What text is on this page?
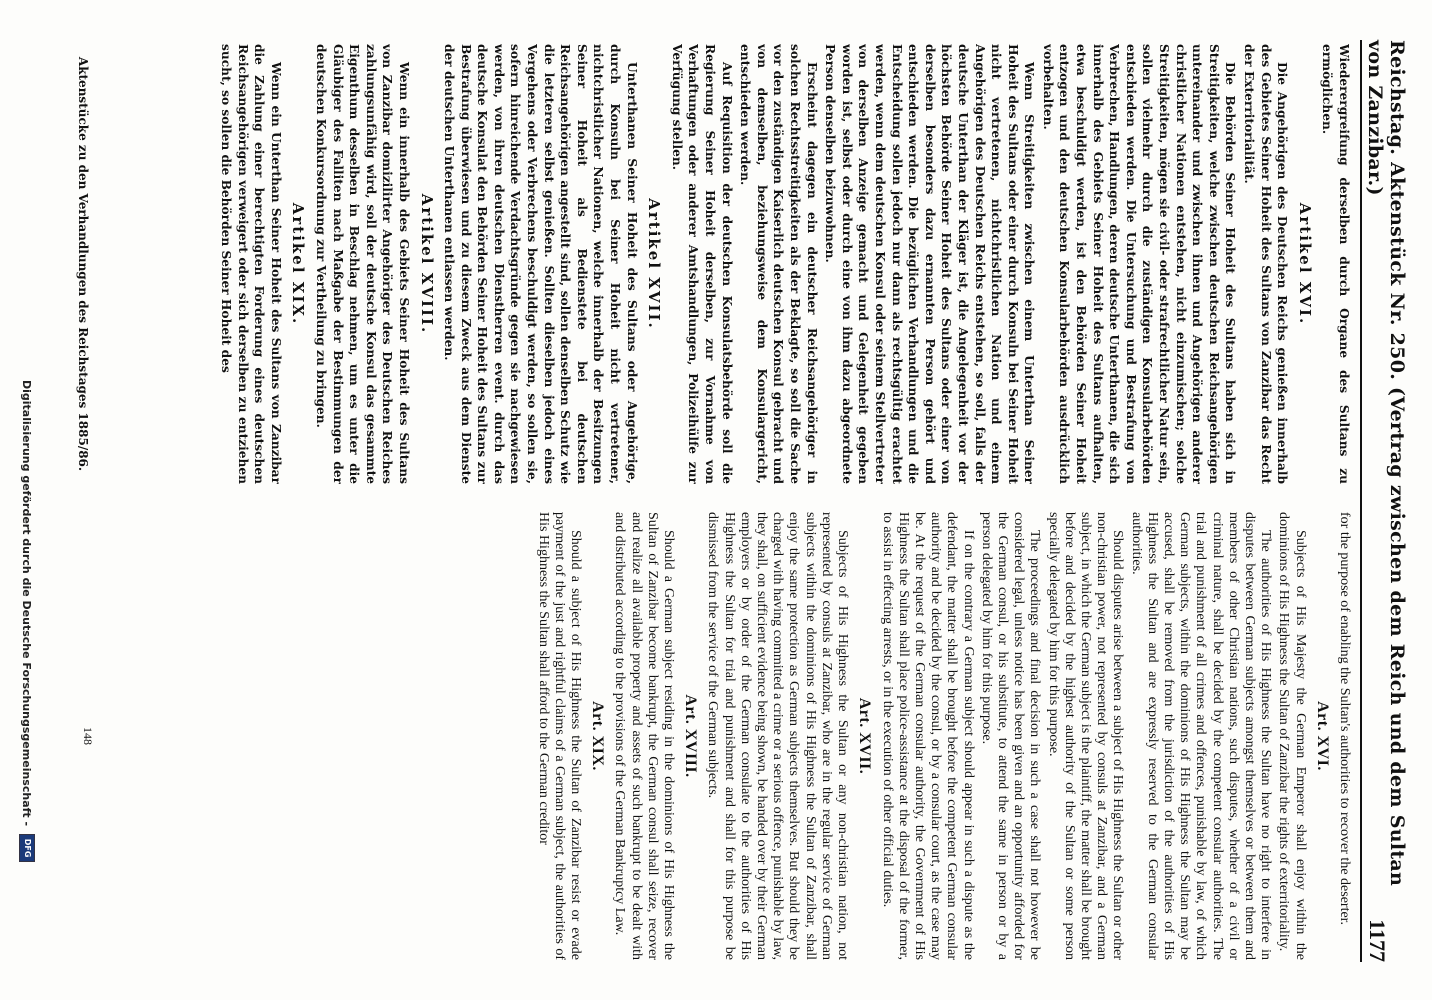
Reichstag. Aktenstück Nr. 250. (Vertrag zwischen dem Reich und dem Sultan von Zanzibar.)
1177

Wiederergreifung derselben durch Organe des Sultans zu ermöglichen.

Artikel XVI.

Die Angehörigen des Deutschen Reichs genießen innerhalb des Gebietes Seiner Hoheit des Sultans von Zanzibar das Recht der Exterritorialität.

Die Behörden Seiner Hoheit des Sultans haben sich in Streitigkeiten, welche zwischen deutschen Reichsangehörigen untereinander und zwischen ihnen und Angehörigen anderer christlicher Nationen entstehen, nicht einzumischen; solche Streitigkeiten, mögen sie civil- oder strafrechtlicher Natur sein, sollen vielmehr durch die zuständigen Konsularbehörden entschieden werden. Die Untersuchung und Bestrafung von Verbrechen, Handlungen, deren deutsche Unterthanen, die sich innerhalb des Gebiets Seiner Hoheit des Sultans aufhalten, etwa beschuldigt werden, ist den Behörden Seiner Hoheit entzogen und den deutschen Konsularbehörden ausdrücklich vorbehalten.

Wenn Streitigkeiten zwischen einem Unterthan Seiner Hoheit des Sultans oder einer durch Konsuln bei Seiner Hoheit nicht vertretenen, nichtchristlichen Nation und einem Angehörigen des Deutschen Reichs entstehen, so soll, falls der deutsche Unterthan der Kläger ist, die Angelegenheit vor der höchsten Behörde Seiner Hoheit des Sultans oder einer von derselben besonders dazu ernannten Person gehört und entschieden werden. Die bezüglichen Verhandlungen und die Entscheidung sollen jedoch nur dann als rechtsgültig erachtet werden, wenn dem deutschen Konsul oder seinem Stellvertreter von derselben Anzeige gemacht und Gelegenheit gegeben worden ist, selbst oder durch eine von ihm dazu abgeordnete Person denselben beizuwohnen.

Erscheint dagegen ein deutscher Reichsangehöriger in solchen Rechtsstreitigkeiten als der Beklagte, so soll die Sache vor den zuständigen Kaiserlich deutschen Konsul gebracht und von demselben, beziehungsweise dem Konsulargericht, entschieden werden.

Auf Requisition der deutschen Konsulatsbehörde soll die Regierung Seiner Hoheit derselben, zur Vornahme von Verhaftungen oder anderer Amtshandlungen, Polizeihülfe zur Verfügung stellen.

Artikel XVII.

Unterthanen Seiner Hoheit des Sultans oder Angehörige, durch Konsuln bei Seiner Hoheit nicht vertretener, nichtchristlicher Nationen, welche innerhalb der Besitzungen Seiner Hoheit als Bedienstete bei deutschen Reichsangehörigen angestellt sind, sollen denselben Schutz wie die letzteren selbst genießen. Sollten dieselben jedoch eines Vergehens oder Verbrechens beschuldigt werden, so sollen sie, sofern hinreichende Verdachtsgründe gegen sie nachgewiesen werden, von ihren deutschen Dienstherren event. durch das deutsche Konsulat den Behörden Seiner Hoheit des Sultans zur Bestrafung überwiesen und zu diesem Zweck aus dem Dienste der deutschen Unterthanen entlassen werden.

Artikel XVIII.

Wenn ein innerhalb des Gebiets Seiner Hoheit des Sultans von Zanzibar domizilirter Angehöriger des Deutschen Reiches zahlungsunfähig wird, soll der deutsche Konsul das gesammte Eigenthum desselben in Beschlag nehmen, um es unter die Gläubiger des Falliten nach Maßgabe der Bestimmungen der deutschen Konkursordnung zur Vertheilung zu bringen.

Artikel XIX.

Wenn ein Unterthan Seiner Hoheit des Sultans von Zanzibar die Zahlung einer berechtigten Forderung eines deutschen Reichsangehörigen verweigert oder sich derselben zu entziehen sucht, so sollen die Behörden Seiner Hoheit des

Aktenstücke zu den Verhandlungen des Reichstages 1885/86.

for the purpose of enabling the Sultan's authorities to recover the deserter.

Art. XVI.

Subjects of His Majesty the German Emperor shall enjoy within the dominions of His Highness the Sultan of Zanzibar the rights of exterritoriality.

The authorities of His Highness the Sultan have no right to interfere in disputes between German subjects amongst themselves or between them and members of other Christian nations, such disputes, whether of a civil or criminal nature, shall be decided by the competent consular authorities. The trial and punishment of all crimes and offences, punishable by law, of which German subjects, within the dominions of His Highness the Sultan may be accused, shall be removed from the jurisdiction of the authorities of His Highness the Sultan and are expressly reserved to the German consular authorities.

Should disputes arise between a subject of His Highness the Sultan or other non-christian power, not represented by consuls at Zanzibar, and a German subject, in which the German subject is the plaintiff, the matter shall be brought before and decided by the highest authority of the Sultan or some person specially delegated by him for this purpose.

The proceedings and final decision in such a case shall not however be considered legal, unless notice has been given and an opportunity afforded for the German consul, or his substitute, to attend the same in person or by a person delegated by him for this purpose.

If on the contrary a German subject should appear in such a dispute as the defendant, the matter shall be brought before the competent German consular authority and be decided by the consul, or by a consular court, as the case may be. At the request of the German consular authority, the Government of His Highness the Sultan shall place police-assistance at the disposal of the former, to assist in effecting arrests, or in the execution of other official duties.

Art. XVII.

Subjects of His Highness the Sultan or any non-christian nation, not represented by consuls at Zanzibar, who are in the regular service of German subjects within the dominions of His Highness the Sultan of Zanzibar, shall enjoy the same protection as German subjects themselves. But should they be charged with having committed a crime or a serious offence, punishable by law, they shall, on sufficient evidence being shown, be handed over by their German employers or by order of the German consulate to the authorities of His Highness the Sultan for trial and punishment and shall for this purpose be dismissed from the service of the German subjects.

Art. XVIII.

Should a German subject residing in the dominions of His Highness the Sultan of Zanzibar become bankrupt, the German consul shall seize, recover and realize all available property and assets of such bankrupt to be dealt with and distributed according to the provisions of the German Bankruptcy Law.

Art. XIX.

Should a subject of His Highness the Sultan of Zanzibar resist or evade payment of the just and rightful claims of a German subject, the authorities of His Highness the Sultan shall afford to the German creditor

148
Digitalisierung gefördert durch die Deutsche Forschungsgemeinschaft -
DFG
